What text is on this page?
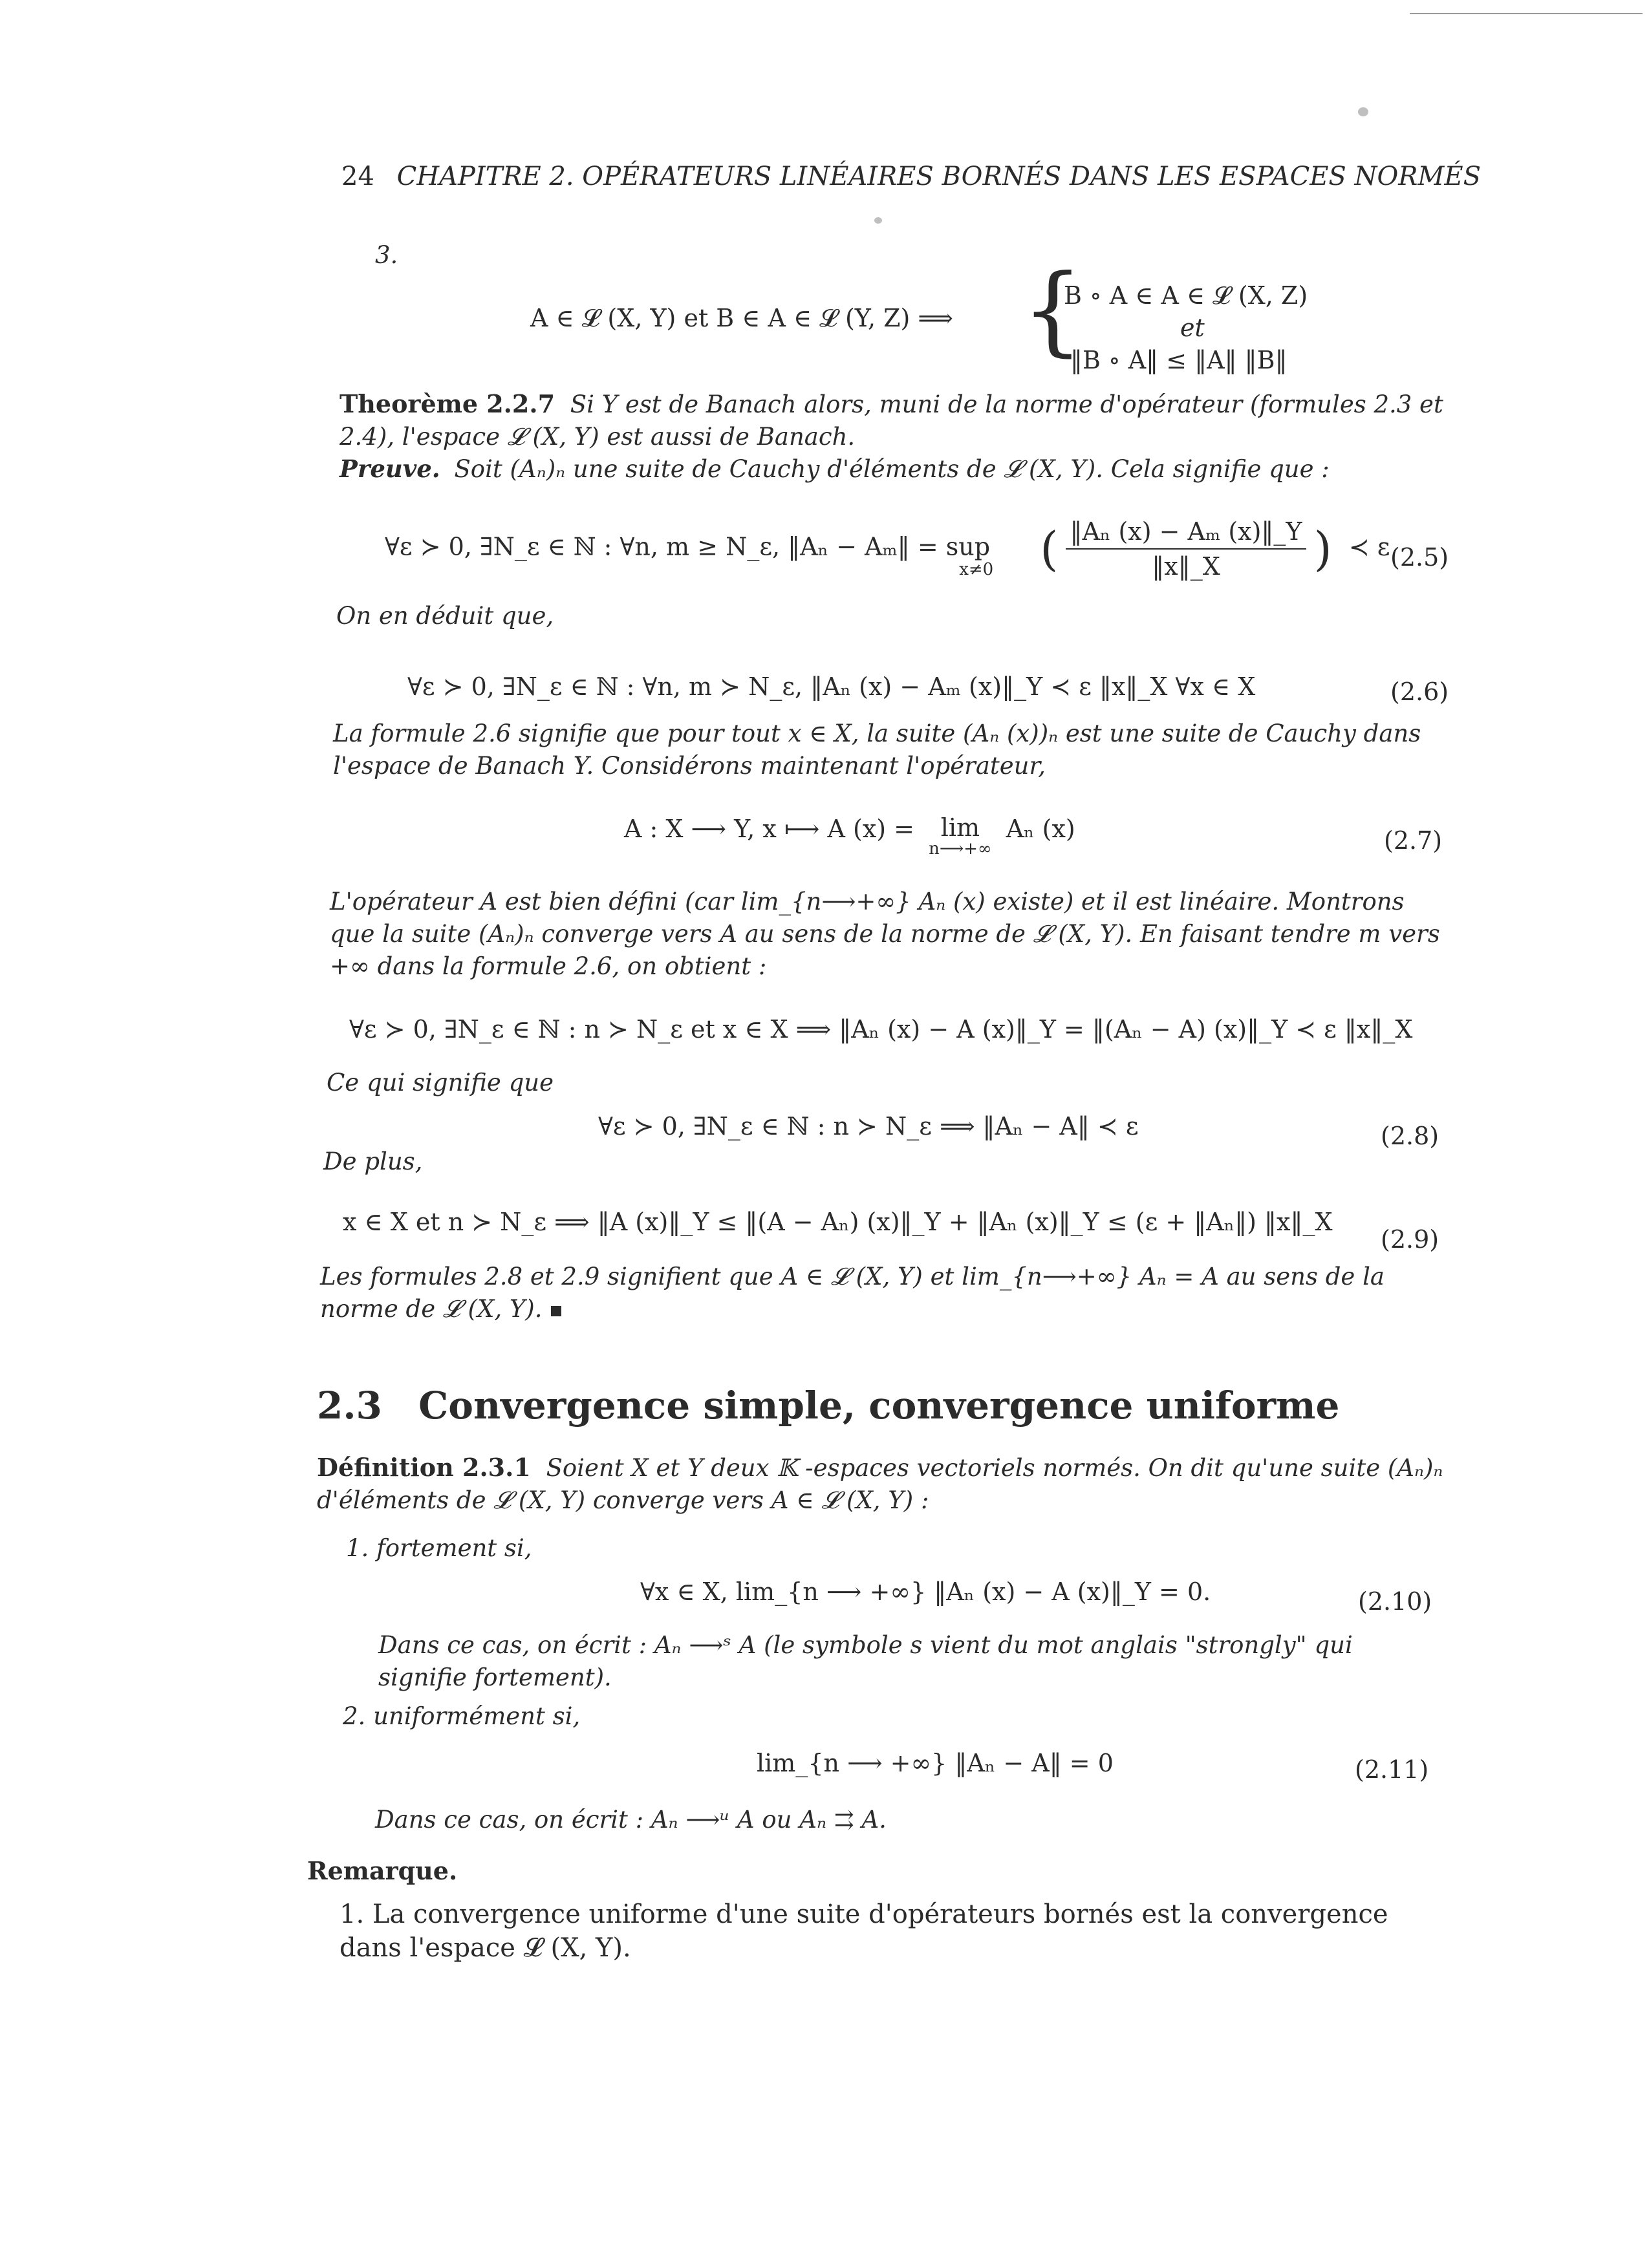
24 CHAPITRE 2. OPÉRATEURS LINÉAIRES BORNÉS DANS LES ESPACES NORMÉS
3.
A ∈ 𝓛 (X, Y) et B ∈ A ∈ 𝓛 (Y, Z) ⟹ {
B ∘ A ∈ A ∈ 𝓛 (X, Z)
et
‖B ∘ A‖ ≤ ‖A‖ ‖B‖
Theorème 2.2.7 Si Y est de Banach alors, muni de la norme d'opérateur (formules 2.3 et 2.4), l'espace 𝓛 (X, Y) est aussi de Banach.
Preuve. Soit (Aₙ)ₙ une suite de Cauchy d'éléments de 𝓛 (X, Y). Cela signifie que :
∀ε ≻ 0, ∃N_ε ∈ ℕ : ∀n, m ≥ N_ε, ‖Aₙ − Aₘ‖ = sup $_{x\ne 0}$ ( $\frac{\text{‖Aₙ (x) − Aₘ (x)‖\_Y}}{‖x‖\_X}$ ) ≺ ε (2.5)
On en déduit que,
∀ε ≻ 0, ∃N_ε ∈ ℕ : ∀n, m ≻ N_ε, ‖Aₙ (x) − Aₘ (x)‖_Y ≺ ε ‖x‖_X ∀x ∈ X	(2.6)
La formule 2.6 signifie que pour tout x ∈ X, la suite (Aₙ (x))ₙ est une suite de Cauchy dans l'espace de Banach Y. Considérons maintenant l'opérateur,
A : X ⟶ Y, x ⟼ A (x) = lim
n⟶+∞
Aₙ (x)	(2.7)
L'opérateur A est bien défini (car lim_{n⟶+∞} Aₙ (x) existe) et il est linéaire. Montrons que la suite (Aₙ)ₙ converge vers A au sens de la norme de 𝓛 (X, Y). En faisant tendre m vers +∞ dans la formule 2.6, on obtient :
∀ε ≻ 0, ∃N_ε ∈ ℕ : n ≻ N_ε et x ∈ X ⟹ ‖Aₙ (x) − A (x)‖_Y = ‖(Aₙ − A) (x)‖_Y ≺ ε ‖x‖_X
Ce qui signifie que
∀ε ≻ 0, ∃N_ε ∈ ℕ : n ≻ N_ε ⟹ ‖Aₙ − A‖ ≺ ε	(2.8)
De plus,
x ∈ X et n ≻ N_ε ⟹ ‖A (x)‖_Y ≤ ‖(A − Aₙ) (x)‖_Y + ‖Aₙ (x)‖_Y ≤ (ε + ‖Aₙ‖) ‖x‖_X
(2.9)
Les formules 2.8 et 2.9 signifient que A ∈ 𝓛 (X, Y) et lim_{n⟶+∞} Aₙ = A au sens de la norme de 𝓛 (X, Y).
2.3 Convergence simple, convergence uniforme
Définition 2.3.1 Soient X et Y deux 𝕂 -espaces vectoriels normés. On dit qu'une suite (Aₙ)ₙ d'éléments de 𝓛 (X, Y) converge vers A ∈ 𝓛 (X, Y) :
1. fortement si,
∀x ∈ X, lim_{n ⟶ +∞} ‖Aₙ (x) − A (x)‖_Y = 0.	(2.10)
Dans ce cas, on écrit : Aₙ ⟶ˢ A (le symbole s vient du mot anglais "strongly" qui signifie fortement).
2. uniformément si,
lim_{n ⟶ +∞} ‖Aₙ − A‖ = 0	(2.11)
Dans ce cas, on écrit : Aₙ ⟶ᵘ A ou Aₙ ⇉ A.
Remarque.
1. La convergence uniforme d'une suite d'opérateurs bornés est la convergence dans l'espace 𝓛 (X, Y).
